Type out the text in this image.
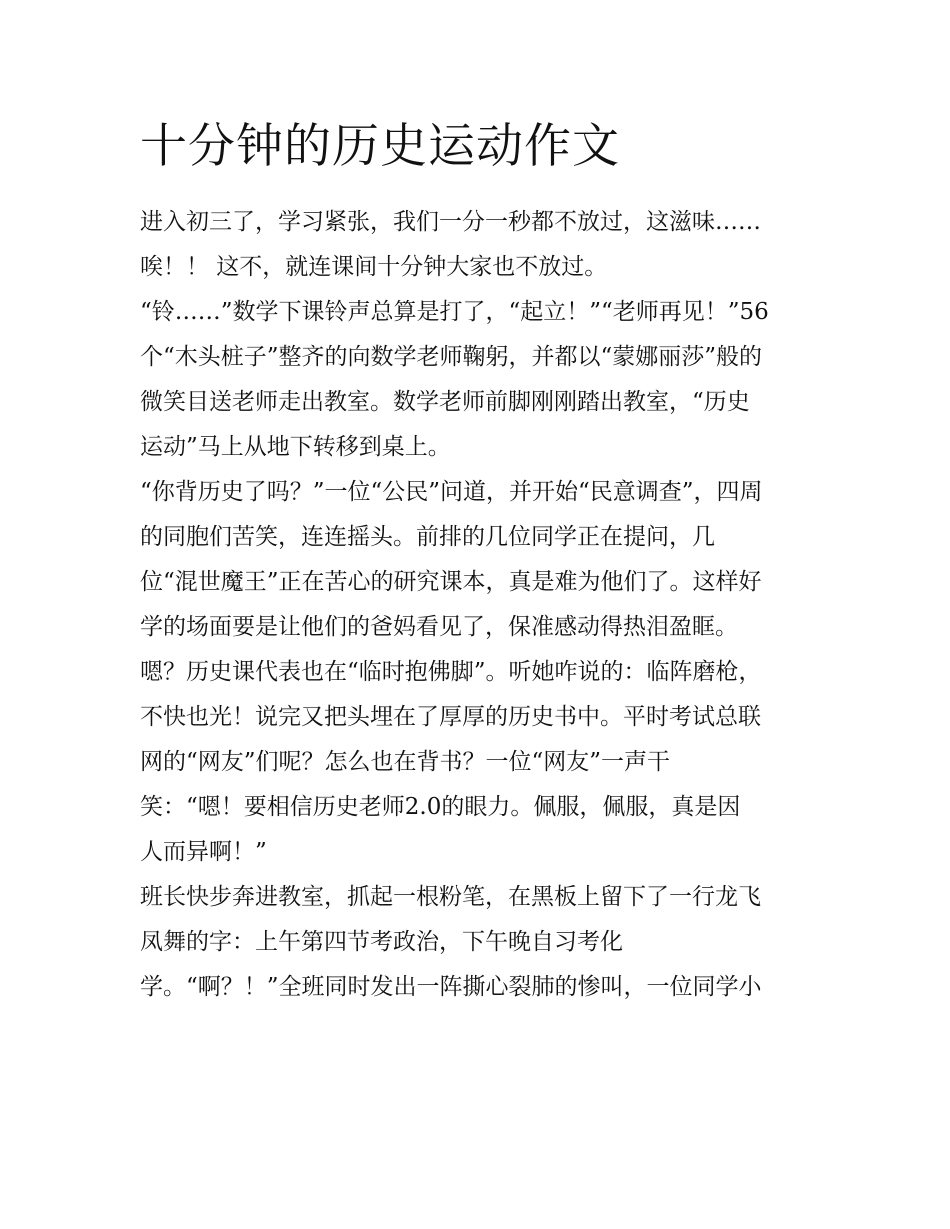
十分钟的历史运动作文

进入初三了，学习紧张，我们一分一秒都不放过，这滋味……

唉！！ 这不，就连课间十分钟大家也不放过。

“铃……”数学下课铃声总算是打了，“起立！”“老师再见！”56

个“木头桩子”整齐的向数学老师鞠躬，并都以“蒙娜丽莎”般的

微笑目送老师走出教室。数学老师前脚刚刚踏出教室，“历史

运动”马上从地下转移到桌上。

“你背历史了吗？”一位“公民”问道，并开始“民意调查”，四周

的同胞们苦笑，连连摇头。前排的几位同学正在提问，几

位“混世魔王”正在苦心的研究课本，真是难为他们了。这样好

学的场面要是让他们的爸妈看见了，保准感动得热泪盈眶。

嗯？历史课代表也在“临时抱佛脚”。听她咋说的：临阵磨枪，

不快也光！说完又把头埋在了厚厚的历史书中。平时考试总联

网的“网友”们呢？怎么也在背书？一位“网友”一声干

笑：“嗯！要相信历史老师2.0的眼力。佩服，佩服，真是因

人而异啊！”

班长快步奔进教室，抓起一根粉笔，在黑板上留下了一行龙飞

凤舞的字：上午第四节考政治，下午晚自习考化

学。“啊？！”全班同时发出一阵撕心裂肺的惨叫，一位同学小
